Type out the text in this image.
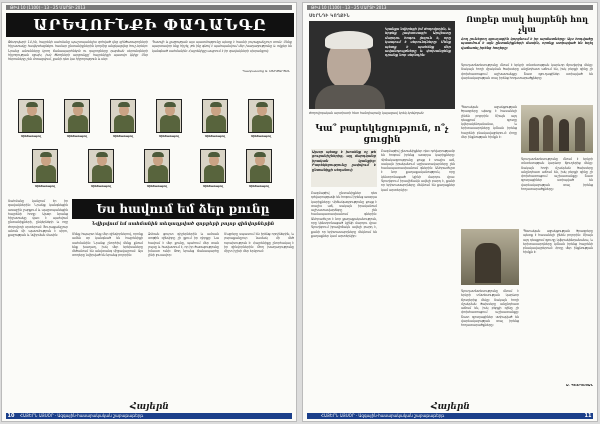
ԹԻՎ 10 (1100) · 13 - 25 ՄԱՐՏԻ 2013
ԱՐԵՎՈՒՆՔԻ ՓԱՂԱՆԳԸ
Փետրվարի 14-ին, հայրենի սահմանը պաշտպանելիս զոհված վեց զինծառայողների հիշատակը հավերժացնելու համար ընտանիքներին կողմից անցկացվեց հուշ-երեկո։ Նրանց անունները կրող ճանապարհներն ու դպրոցները դարձան սերունդների հիշողության օջախ, իսկ ծնողների արցունքը՝ հայրենիքի պատվո կնիք։ Մեր հերոսները չեն մոռացվում, քանի դեռ կա հիշողություն և սեր։
Պատվի և քաջության այս պատմությունը պետք է հասնի յուրաքանչյուր տուն։ Մենք պարտավոր ենք հիշել, թե ինչ գնով է պահպանվում մեր խաղաղությունը և ովքեր են կանգնած սահմանին։ Հայրենիքը ապրում է իր զավակների սխրանքով։
Պատրաստեց Ա. ՄԽԻԹԱՐՅԱՆ
Զինծառայող	Զինծառայող	Զինծառայող	Զինծառայող	Զինծառայող	Զինծառայող
Զինծառայող	Զինծառայող	Զինծառայող	Զինծառայող	Զինծառայող
Սահմանը կանչում էր իր զավակներին։ Նրանք կանգնեցին առաջին շարքում և պաշտպանեցին հայրենի հողը։ Այսօր նրանց հիշատակը վառ է պահվում ընտանիքների, ընկերների և ողջ ժողովրդի սրտերում։ Յուրաքանչյուր անուն մի պատմություն է սիրո, քաջության և նվիրման մասին։
Ես հավում եմ ձեր քունը
Նվիրվում եմ սահմանին տեղադրված զորքերի բոլոր զինվորներին
Մենք հպարտ ենք մեր զինվորներով, որոնք ամեն օր կանգնած են հայրենիքի սահմանին։ Նրանց շնորհիվ մենք քնում ենք խաղաղ, իսկ մեր երեխաները մեծանում են անվտանգ միջավայրում։ Այս տողերը նվիրված են նրանց բոլորին։
Ձմռան ցուրտ գիշերներին և ամռան տոթին զինվորը չի լքում իր դիրքը։ Նա հավում է մեր քունը, պահում մեր տան լույսը և հավատում է, որ իր ծառայությունը իմաստ ունի։ Թող նրանց ճանապարհը լինի լուսավոր։
Մայրերը սպասում են իրենց որդիներին, և յուրաքանչյուր նամակ մի մեծ ուրախություն է։ Հայրենիքը շնորհակալ է իր զինվորներին։ Թող խաղաղությունը միշտ իշխի մեր երկրում։
Հայերն
ՀԱՅԵՐՆ ԱՅՍՕՐ · Ազգային-հասարակական շաբաթաթերթ
10
ԹԻՎ 10 (1100) · 13 - 25 ՄԱՐՏԻ 2013
ՍԵՐՆԴԻ ԿՈՂՔԻՆ
Կյանքս նվիրեցի իմ ժողովրդին, և երբեք չափսոսացի։ Արվեստը մարդու հոգու լեզուն է, որը կապում է սերունդները։ Մենք պետք է պահենք մեր ավանդույթները և փոխանցենք դրանք նոր սերնդին։
Ժողովրդական արտիստի հետ հանդիպումը կայացավ երեկ երեկոյան։
Կա՞ բարեկեցություն, ո՞չ ցուցին
Այսօր պետք է խոսենք ոչ թե ցուցանիշներից, այլ մարդկանց իրական կյանքից։ Բարեկեցությունը չափվում է ընտանիքի սեղանով։
Բազմաթիվ ընտանիքներ դեռ դժվարությամբ են հոգում իրենց առօրյա կարիքները։ Վիճակագրությունը ցույց է տալիս աճ, սակայն իրականում աշխատավարձերը չեն համապատասխանում գներին։ Անհրաժեշտ է նոր քաղաքականություն, որը կենտրոնացած կլինի մարդու վրա։ Գյուղերում իրավիճակն ավելի բարդ է, քանի որ երիտասարդները մեկնում են քաղաքներ կամ արտերկիր։
Բազմաթիվ ընտանիքներ դեռ դժվարությամբ են հոգում իրենց առօրյա կարիքները։ Վիճակագրությունը ցույց է տալիս աճ, սակայն իրականում աշխատավարձերը չեն համապատասխանում գներին։ Անհրաժեշտ է նոր քաղաքականություն, որը կենտրոնացած կլինի մարդու վրա։ Գյուղերում իրավիճակն ավելի բարդ է, քանի որ երիտասարդները մեկնում են քաղաքներ կամ արտերկիր։
Ոտքեր տակ հայրենի հող չկա
Հող չունեցող գյուղացին կորցնում է իր արմատները։ Այս հոդվածը պատմում է այն ընտանիքների մասին, որոնք ստիպված են եղել վաճառել իրենց հողերը։
Գյուղատնտեսությունը մնում է երկրի տնտեսության կարևոր ճյուղերից մեկը։ Սակայն հողի մշակման ծախսերը անընդհատ աճում են, իսկ բերքի գինը չի փոխհատուցում աշխատանքը։ Շատ գյուղացիներ ստիպված են վարձակալության տալ իրենց հողատարածքները։
Պետական աջակցության ծրագրերը պետք է հասանելի լինեն բոլորին։ Միայն այդ դեպքում գյուղը կվերակենդանանա, և երիտասարդները կմնան իրենց հայրենի բնակավայրերում։ Հողը մեր ինքնության հիմքն է։
Գյուղատնտեսությունը մնում է երկրի տնտեսության կարևոր ճյուղերից մեկը։ Սակայն հողի մշակման ծախսերը անընդհատ աճում են, իսկ բերքի գինը չի փոխհատուցում աշխատանքը։ Շատ գյուղացիներ ստիպված են վարձակալության տալ իրենց հողատարածքները։
Պետական աջակցության ծրագրերը պետք է հասանելի լինեն բոլորին։ Միայն այդ դեպքում գյուղը կվերակենդանանա, և երիտասարդները կմնան իրենց հայրենի բնակավայրերում։ Հողը մեր ինքնության հիմքն է։
Գյուղատնտեսությունը մնում է երկրի տնտեսության կարևոր ճյուղերից մեկը։ Սակայն հողի մշակման ծախսերը անընդհատ աճում են, իսկ բերքի գինը չի փոխհատուցում աշխատանքը։ Շատ գյուղացիներ ստիպված են վարձակալության տալ իրենց հողատարածքները։
Ա. ՊԵՏՐՈՍՅԱՆ
Հայերն
ՀԱՅԵՐՆ ԱՅՍՕՐ · Ազգային-հասարակական շաբաթաթերթ	11
